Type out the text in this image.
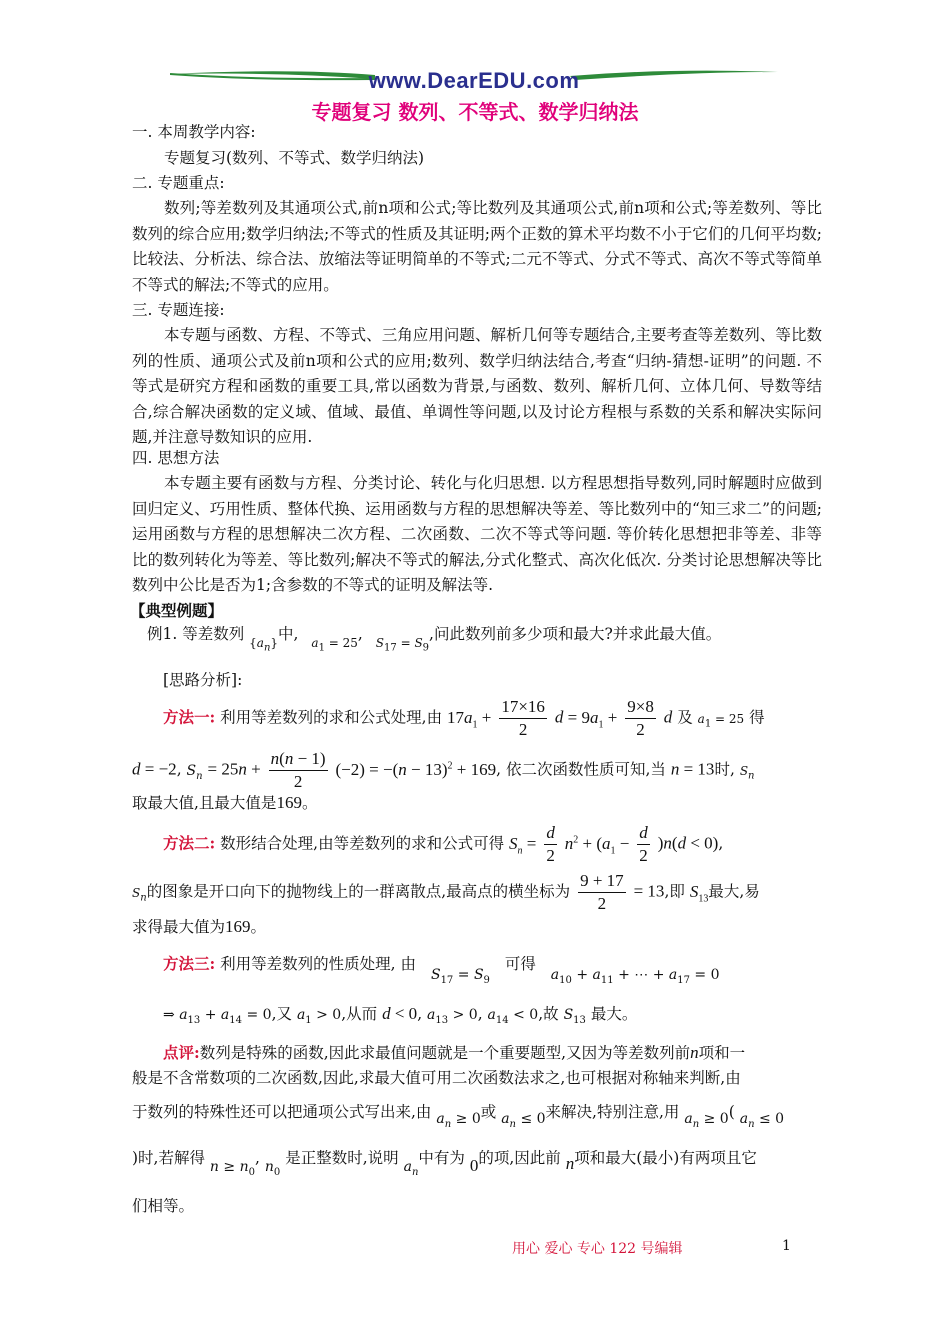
www.DearEDU.com
专题复习 数列、不等式、数学归纳法
一. 本周教学内容:
专题复习(数列、不等式、数学归纳法)
二. 专题重点:
数列;等差数列及其通项公式,前n项和公式;等比数列及其通项公式,前n项和公式;等差数列、等比数列的综合应用;数学归纳法;不等式的性质及其证明;两个正数的算术平均数不小于它们的几何平均数;比较法、分析法、综合法、放缩法等证明简单的不等式;二元不等式、分式不等式、高次不等式等简单不等式的解法;不等式的应用。
三. 专题连接:
本专题与函数、方程、不等式、三角应用问题、解析几何等专题结合,主要考查等差数列、等比数列的性质、通项公式及前n项和公式的应用;数列、数学归纳法结合,考查“归纳-猜想-证明”的问题. 不等式是研究方程和函数的重要工具,常以函数为背景,与函数、数列、解析几何、立体几何、导数等结合,综合解决函数的定义域、值域、最值、单调性等问题,以及讨论方程根与系数的关系和解决实际问题,并注意导数知识的应用.
四. 思想方法
本专题主要有函数与方程、分类讨论、转化与化归思想. 以方程思想指导数列,同时解题时应做到回归定义、巧用性质、整体代换、运用函数与方程的思想解决等差、等比数列中的“知三求二”的问题;运用函数与方程的思想解决二次方程、二次函数、二次不等式等问题. 等价转化思想把非等差、非等比的数列转化为等差、等比数列;解决不等式的解法,分式化整式、高次化低次. 分类讨论思想解决等比数列中公比是否为1;含参数的不等式的证明及解法等.
【典型例题】
例1. 等差数列 $_{\{a_n\}}$中, $_{a_1 = 25}$, $_{S_{17} = S_9}$,问此数列前多少项和最大?并求此最大值。
[思路分析]:
方法一: 利用等差数列的求和公式处理,由 $17a_1 + \frac{17\times 16}{2}$ $d = 9a_1 + \frac{9\times 8}{2}$ d 及 $a_1 = 25$ 得
d = −2, $S_n = 25n + \frac{n(n - 1)}{2} (-2) = -(n - 13)^2 + 169$, 依二次函数性质可知,当 n = 13时, $S_n$
取最大值,且最大值是169。
方法二: 数形结合处理,由等差数列的求和公式可得 $S_n = \frac{d}{2} n^2 + (a_1 - \frac{d}{2} )n(d < 0)$,
$S_n$的图象是开口向下的抛物线上的一群离散点,最高点的横坐标为 $\frac{9 + 17}{2} = 13$,即 $S_{13}$最大,易
求得最大值为169。
方法三: 利用等差数列的性质处理, 由 $S_{17} = S_9$ 可得 $a_{10} + a_{11}$ + ⋯ + $a_{17} = 0$
⇒ $a_{13} + a_{14} = 0$,又 $a_1 > 0$,从而 d < 0, $a_{13} > 0$, $a_{14} < 0$,故 $S_{13}$ 最大。
点评:数列是特殊的函数,因此求最值问题就是一个重要题型,又因为等差数列前n项和一
般是不含常数项的二次函数,因此,求最大值可用二次函数法求之,也可根据对称轴来判断,由
于数列的特殊性还可以把通项公式写出来,由 $a_n \ge 0$或 $a_n \le 0$来解决,特别注意,用 $a_n \ge 0$( $a_n \le 0$
)时,若解得 $n \ge n_0$, $n_0$ 是正整数时,说明 $a_n$中有为 0的项,因此前 n项和最大(最小)有两项且它
们相等。
用心 爱心 专心 122 号编辑	1
